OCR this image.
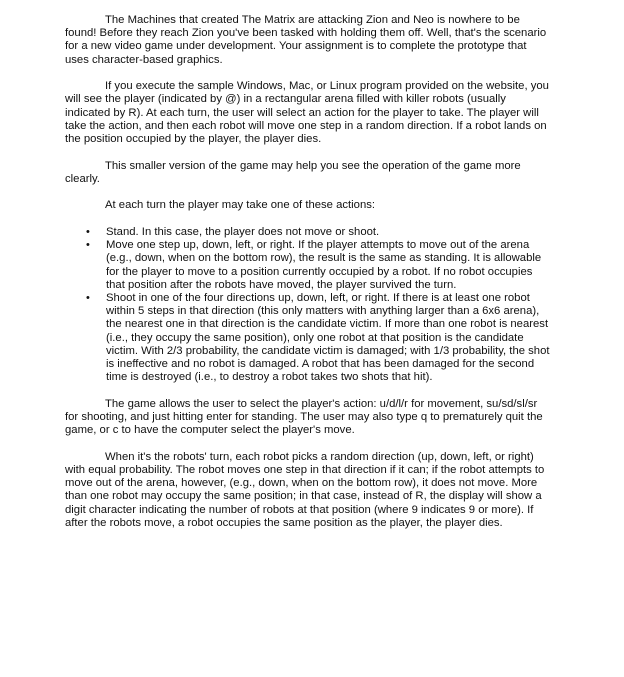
The Machines that created The Matrix are attacking Zion and Neo is nowhere to be found! Before they reach Zion you've been tasked with holding them off. Well, that's the scenario for a new video game under development. Your assignment is to complete the prototype that uses character-based graphics.

If you execute the sample Windows, Mac, or Linux program provided on the website, you will see the player (indicated by @) in a rectangular arena filled with killer robots (usually indicated by R). At each turn, the user will select an action for the player to take. The player will take the action, and then each robot will move one step in a random direction. If a robot lands on the position occupied by the player, the player dies.

This smaller version of the game may help you see the operation of the game more clearly.

At each turn the player may take one of these actions:

• Stand. In this case, the player does not move or shoot.
• Move one step up, down, left, or right. If the player attempts to move out of the arena (e.g., down, when on the bottom row), the result is the same as standing. It is allowable for the player to move to a position currently occupied by a robot. If no robot occupies that position after the robots have moved, the player survived the turn.
• Shoot in one of the four directions up, down, left, or right. If there is at least one robot within 5 steps in that direction (this only matters with anything larger than a 6x6 arena), the nearest one in that direction is the candidate victim. If more than one robot is nearest (i.e., they occupy the same position), only one robot at that position is the candidate victim. With 2/3 probability, the candidate victim is damaged; with 1/3 probability, the shot is ineffective and no robot is damaged. A robot that has been damaged for the second time is destroyed (i.e., to destroy a robot takes two shots that hit).

The game allows the user to select the player's action: u/d/l/r for movement, su/sd/sl/sr for shooting, and just hitting enter for standing. The user may also type q to prematurely quit the game, or c to have the computer select the player's move.

When it's the robots' turn, each robot picks a random direction (up, down, left, or right) with equal probability. The robot moves one step in that direction if it can; if the robot attempts to move out of the arena, however, (e.g., down, when on the bottom row), it does not move. More than one robot may occupy the same position; in that case, instead of R, the display will show a digit character indicating the number of robots at that position (where 9 indicates 9 or more). If after the robots move, a robot occupies the same position as the player, the player dies.
